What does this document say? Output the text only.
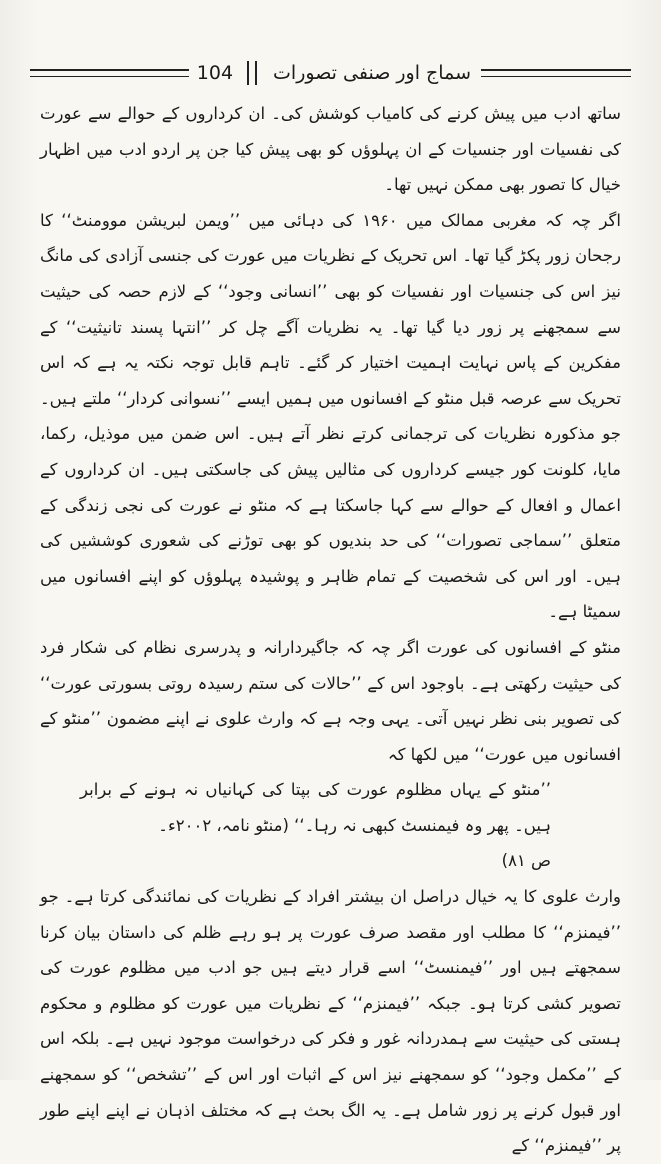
104 سماج اور صنفی تصورات

ساتھ ادب میں پیش کرنے کی کامیاب کوشش کی۔ ان کرداروں کے حوالے سے عورت کی نفسیات اور جنسیات کے ان پہلوؤں کو بھی پیش کیا جن پر اردو ادب میں اظہار خیال کا تصور بھی ممکن نہیں تھا۔

اگر چہ کہ مغربی ممالک میں ۱۹۶۰ کی دہائی میں ’’ویمن لبریشن موومنٹ‘‘ کا رجحان زور پکڑ گیا تھا۔ اس تحریک کے نظریات میں عورت کی جنسی آزادی کی مانگ نیز اس کی جنسیات اور نفسیات کو بھی ’’انسانی وجود‘‘ کے لازم حصہ کی حیثیت سے سمجھنے پر زور دیا گیا تھا۔ یہ نظریات آگے چل کر ’’انتہا پسند تانیثیت‘‘ کے مفکرین کے پاس نہایت اہمیت اختیار کر گئے۔ تاہم قابل توجہ نکتہ یہ ہے کہ اس تحریک سے عرصہ قبل منٹو کے افسانوں میں ہمیں ایسے ’’نسوانی کردار‘‘ ملتے ہیں۔ جو مذکورہ نظریات کی ترجمانی کرتے نظر آتے ہیں۔ اس ضمن میں موذیل، رکما، مایا، کلونت کور جیسے کرداروں کی مثالیں پیش کی جاسکتی ہیں۔ ان کرداروں کے اعمال و افعال کے حوالے سے کہا جاسکتا ہے کہ منٹو نے عورت کی نجی زندگی کے متعلق ’’سماجی تصورات‘‘ کی حد بندیوں کو بھی توڑنے کی شعوری کوششیں کی ہیں۔ اور اس کی شخصیت کے تمام ظاہر و پوشیدہ پہلوؤں کو اپنے افسانوں میں سمیٹا ہے۔

منٹو کے افسانوں کی عورت اگر چہ کہ جاگیردارانہ و پدرسری نظام کی شکار فرد کی حیثیت رکھتی ہے۔ باوجود اس کے ’’حالات کی ستم رسیدہ روتی بسورتی عورت‘‘ کی تصویر بنی نظر نہیں آتی۔ یہی وجہ ہے کہ وارث علوی نے اپنے مضمون ’’منٹو کے افسانوں میں عورت‘‘ میں لکھا کہ

’’منٹو کے یہاں مظلوم عورت کی بپتا کی کہانیاں نہ ہونے کے برابر ہیں۔ پھر وہ فیمنسٹ کبھی نہ رہا۔‘‘ (منٹو نامہ، ۲۰۰۲ء۔

ص ۸۱)

وارث علوی کا یہ خیال دراصل ان بیشتر افراد کے نظریات کی نمائندگی کرتا ہے۔ جو ’’فیمنزم‘‘ کا مطلب اور مقصد صرف عورت پر ہو رہے ظلم کی داستان بیان کرنا سمجھتے ہیں اور ’’فیمنسٹ‘‘ اسے قرار دیتے ہیں جو ادب میں مظلوم عورت کی تصویر کشی کرتا ہو۔ جبکہ ’’فیمنزم‘‘ کے نظریات میں عورت کو مظلوم و محکوم ہستی کی حیثیت سے ہمدردانہ غور و فکر کی درخواست موجود نہیں ہے۔ بلکہ اس کے ’’مکمل وجود‘‘ کو سمجھنے نیز اس کے اثبات اور اس کے ’’تشخص‘‘ کو سمجھنے اور قبول کرنے پر زور شامل ہے۔ یہ الگ بحث ہے کہ مختلف اذہان نے اپنے اپنے طور پر ’’فیمنزم‘‘ کے
